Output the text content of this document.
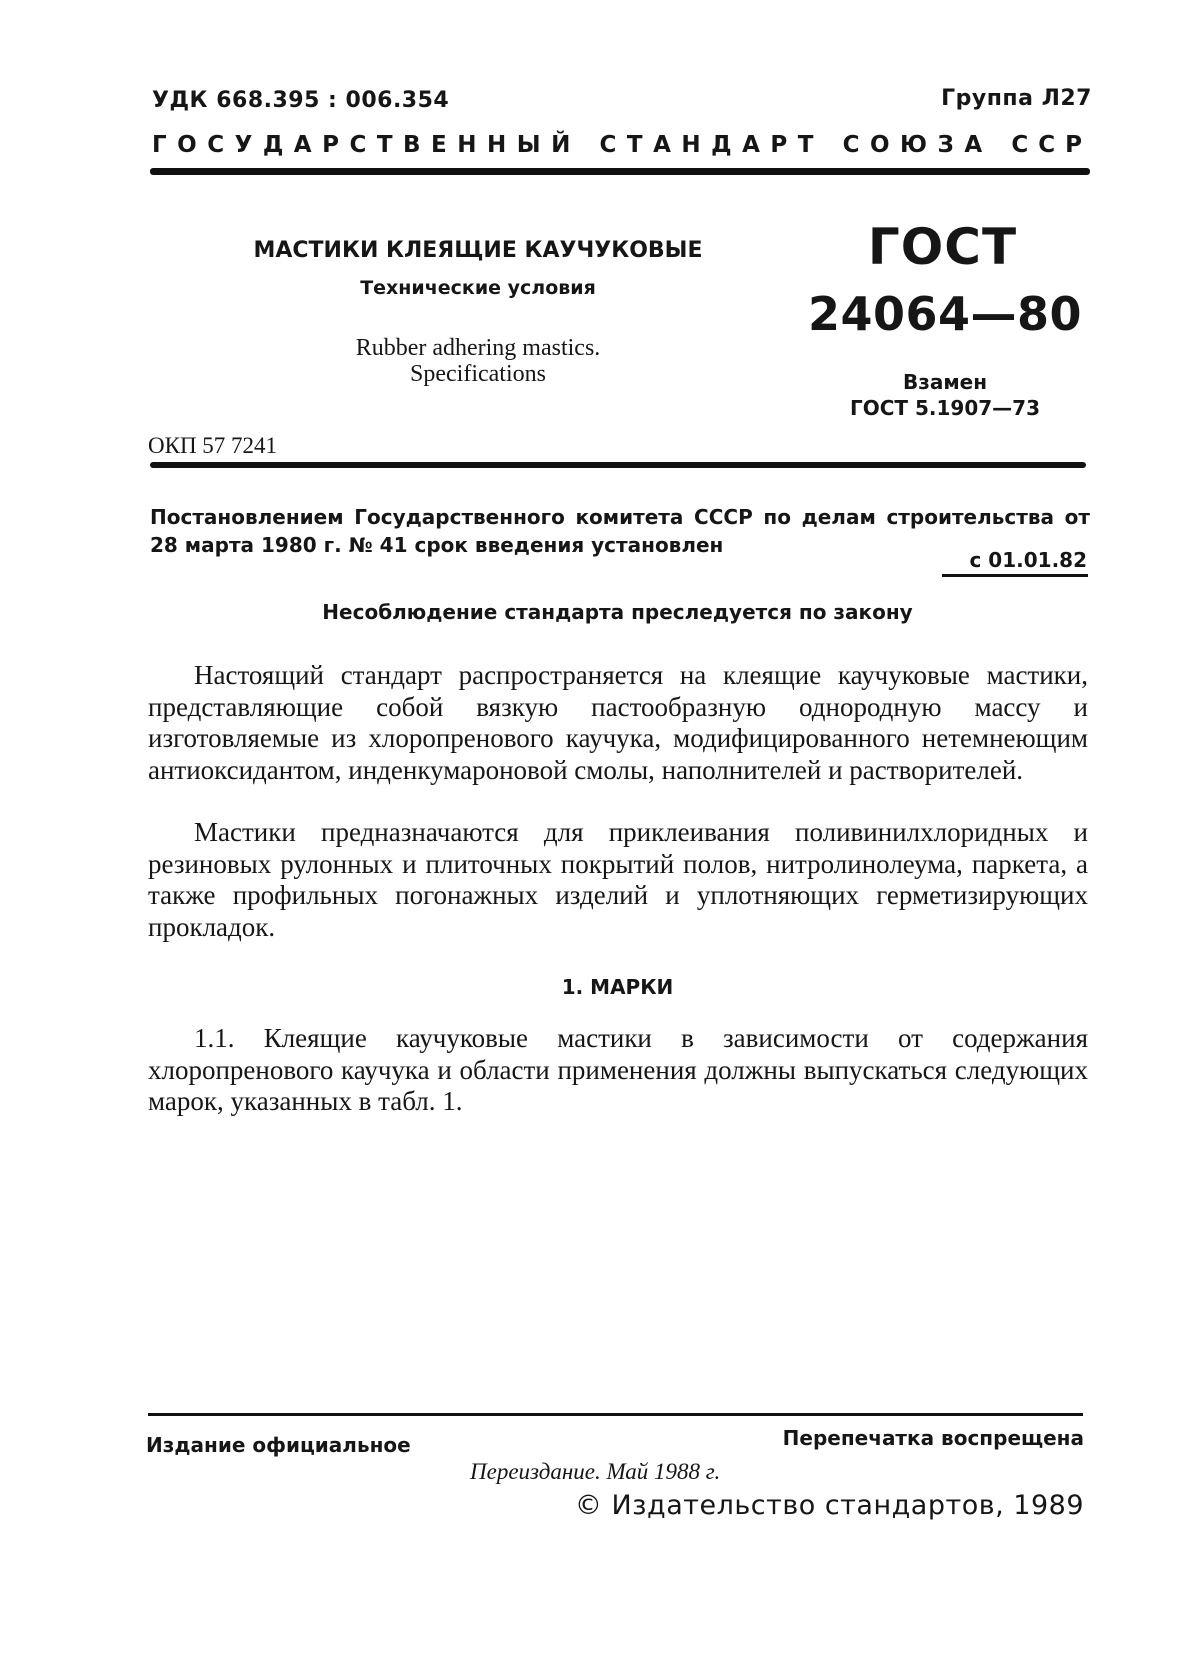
УДК 668.395 : 006.354	Группа Л27
ГОСУДАРСТВЕННЫЙ СТАНДАРТ СОЮЗА ССР
МАСТИКИ КЛЕЯЩИЕ КАУЧУКОВЫЕ
Технические условия
Rubber adhering mastics.
Specifications
ГОСТ
24064—80
Взамен
ГОСТ 5.1907—73
ОКП 57 7241
Постановлением Государственного комитета СССР по делам строительства от 28 марта 1980 г. № 41 срок введения установлен
с 01.01.82
Несоблюдение стандарта преследуется по закону
Настоящий стандарт распространяется на клеящие каучуковые мастики, представляющие собой вязкую пастообразную однородную массу и изготовляемые из хлоропренового каучука, модифицированного нетемнеющим антиоксидантом, инденкумароновой смолы, наполнителей и растворителей.
Мастики предназначаются для приклеивания поливинилхлоридных и резиновых рулонных и плиточных покрытий полов, нитролинолеума, паркета, а также профильных погонажных изделий и уплотняющих герметизирующих прокладок.
1. МАРКИ
1.1. Клеящие каучуковые мастики в зависимости от содержания хлоропренового каучука и области применения должны выпускаться следующих марок, указанных в табл. 1.
Издание официальное	Перепечатка воспрещена
Переиздание. Май 1988 г.
© Издательство стандартов, 1989
